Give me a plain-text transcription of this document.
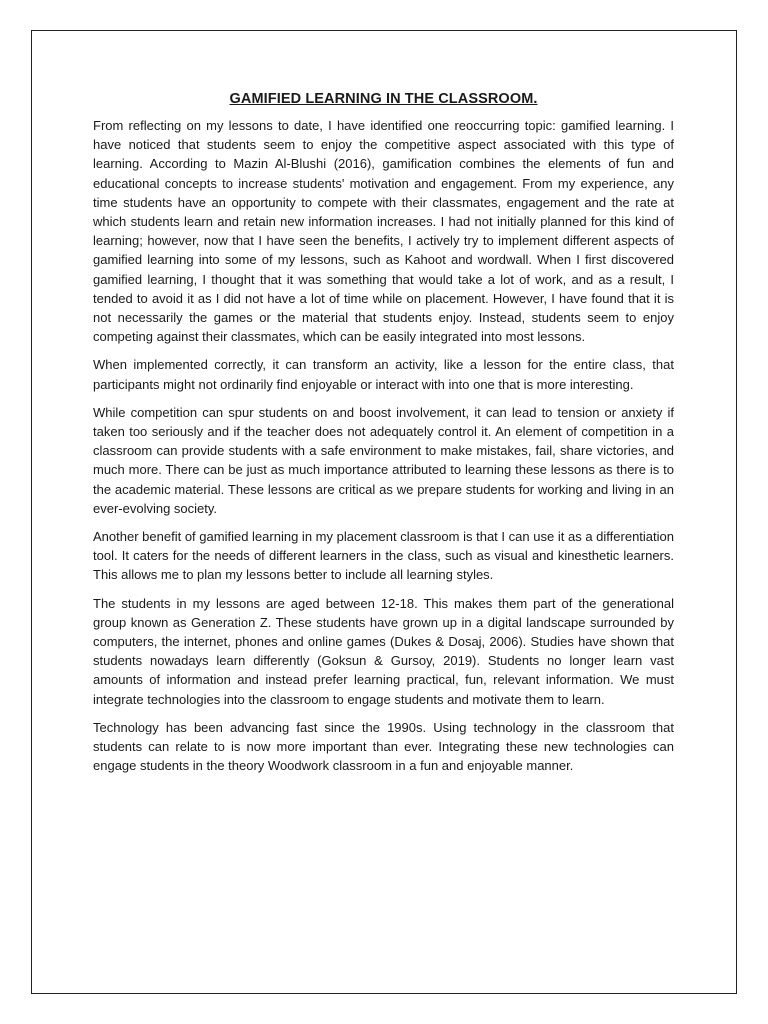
GAMIFIED LEARNING IN THE CLASSROOM.

From reflecting on my lessons to date, I have identified one reoccurring topic: gamified learning. I have noticed that students seem to enjoy the competitive aspect associated with this type of learning. According to Mazin Al-Blushi (2016), gamification combines the elements of fun and educational concepts to increase students' motivation and engagement. From my experience, any time students have an opportunity to compete with their classmates, engagement and the rate at which students learn and retain new information increases. I had not initially planned for this kind of learning; however, now that I have seen the benefits, I actively try to implement different aspects of gamified learning into some of my lessons, such as Kahoot and wordwall. When I first discovered gamified learning, I thought that it was something that would take a lot of work, and as a result, I tended to avoid it as I did not have a lot of time while on placement. However, I have found that it is not necessarily the games or the material that students enjoy. Instead, students seem to enjoy competing against their classmates, which can be easily integrated into most lessons.

When implemented correctly, it can transform an activity, like a lesson for the entire class, that participants might not ordinarily find enjoyable or interact with into one that is more interesting.

While competition can spur students on and boost involvement, it can lead to tension or anxiety if taken too seriously and if the teacher does not adequately control it. An element of competition in a classroom can provide students with a safe environment to make mistakes, fail, share victories, and much more. There can be just as much importance attributed to learning these lessons as there is to the academic material. These lessons are critical as we prepare students for working and living in an ever-evolving society.

Another benefit of gamified learning in my placement classroom is that I can use it as a differentiation tool. It caters for the needs of different learners in the class, such as visual and kinesthetic learners. This allows me to plan my lessons better to include all learning styles.

The students in my lessons are aged between 12-18. This makes them part of the generational group known as Generation Z. These students have grown up in a digital landscape surrounded by computers, the internet, phones and online games (Dukes & Dosaj, 2006). Studies have shown that students nowadays learn differently (Goksun & Gursoy, 2019). Students no longer learn vast amounts of information and instead prefer learning practical, fun, relevant information. We must integrate technologies into the classroom to engage students and motivate them to learn.

Technology has been advancing fast since the 1990s. Using technology in the classroom that students can relate to is now more important than ever. Integrating these new technologies can engage students in the theory Woodwork classroom in a fun and enjoyable manner.
